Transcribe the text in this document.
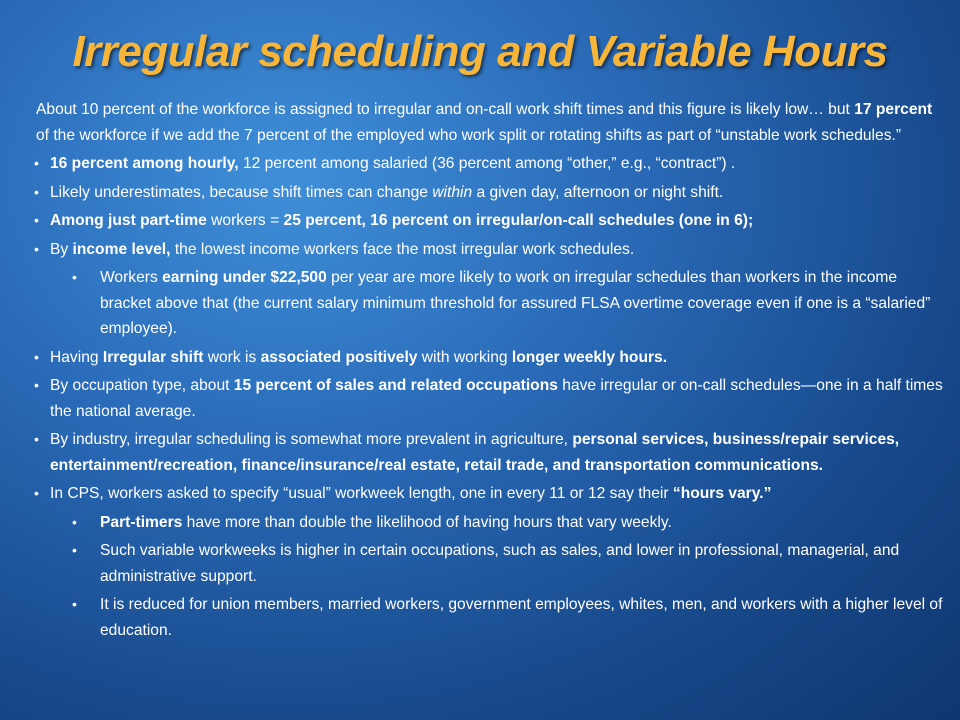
Irregular scheduling and Variable Hours

About 10 percent of the workforce is assigned to irregular and on-call work shift times and this figure is likely low… but 17 percent of the workforce if we add the 7 percent of the employed who work split or rotating shifts as part of “unstable work schedules.”

• 16 percent among hourly, 12 percent among salaried (36 percent among “other,” e.g., “contract”) .
• Likely underestimates, because shift times can change within a given day, afternoon or night shift.
• Among just part-time workers = 25 percent, 16 percent on irregular/on-call schedules (one in 6);
• By income level, the lowest income workers face the most irregular work schedules.
• Workers earning under $22,500 per year are more likely to work on irregular schedules than workers in the income bracket above that (the current salary minimum threshold for assured FLSA overtime coverage even if one is a “salaried” employee).
• Having Irregular shift work is associated positively with working longer weekly hours.
• By occupation type, about 15 percent of sales and related occupations have irregular or on-call schedules—one in a half times the national average.
• By industry, irregular scheduling is somewhat more prevalent in agriculture, personal services, business/repair services, entertainment/recreation, finance/insurance/real estate, retail trade, and transportation communications.
• In CPS, workers asked to specify “usual” workweek length, one in every 11 or 12 say their “hours vary.”
• Part-timers have more than double the likelihood of having hours that vary weekly.
• Such variable workweeks is higher in certain occupations, such as sales, and lower in professional, managerial, and administrative support.
• It is reduced for union members, married workers, government employees, whites, men, and workers with a higher level of education.
